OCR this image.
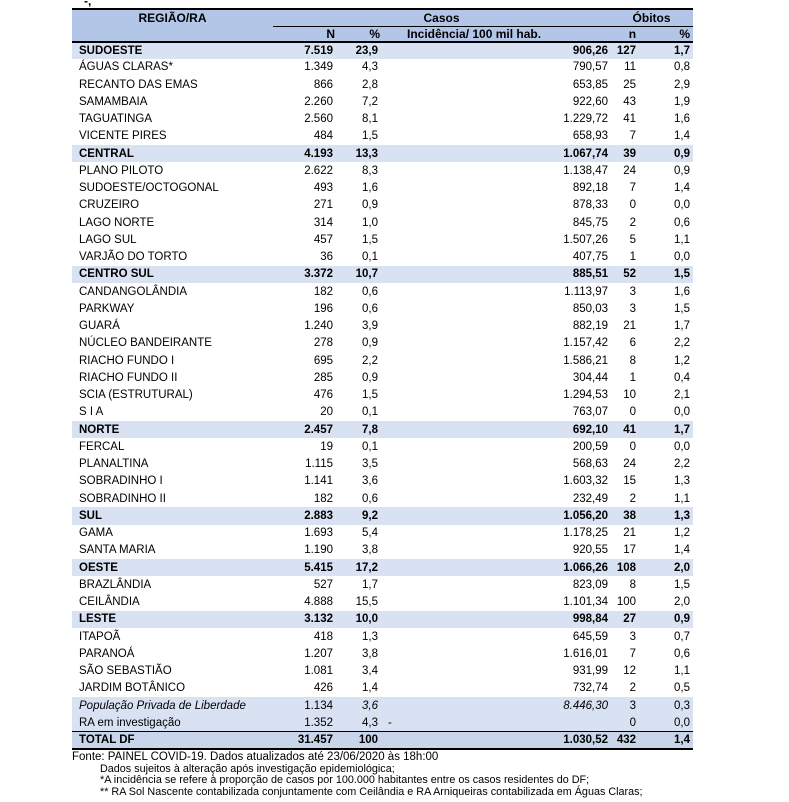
-,
REGIÃO/RA	Casos			Óbitos	
	N	%	Incidência/ 100 mil hab.	n	%
SUDOESTE	7.519	23,9	906,26	127	1,7
ÁGUAS CLARAS*	1.349	4,3	790,57	11	0,8
RECANTO DAS EMAS	866	2,8	653,85	25	2,9
SAMAMBAIA	2.260	7,2	922,60	43	1,9
TAGUATINGA	2.560	8,1	1.229,72	41	1,6
VICENTE PIRES	484	1,5	658,93	7	1,4
CENTRAL	4.193	13,3	1.067,74	39	0,9
PLANO PILOTO	2.622	8,3	1.138,47	24	0,9
SUDOESTE/OCTOGONAL	493	1,6	892,18	7	1,4
CRUZEIRO	271	0,9	878,33	0	0,0
LAGO NORTE	314	1,0	845,75	2	0,6
LAGO SUL	457	1,5	1.507,26	5	1,1
VARJÃO DO TORTO	36	0,1	407,75	1	0,0
CENTRO SUL	3.372	10,7	885,51	52	1,5
CANDANGOLÂNDIA	182	0,6	1.113,97	3	1,6
PARKWAY	196	0,6	850,03	3	1,5
GUARÁ	1.240	3,9	882,19	21	1,7
NÚCLEO BANDEIRANTE	278	0,9	1.157,42	6	2,2
RIACHO FUNDO I	695	2,2	1.586,21	8	1,2
RIACHO FUNDO II	285	0,9	304,44	1	0,4
SCIA (ESTRUTURAL)	476	1,5	1.294,53	10	2,1
S I A	20	0,1	763,07	0	0,0
NORTE	2.457	7,8	692,10	41	1,7
FERCAL	19	0,1	200,59	0	0,0
PLANALTINA	1.115	3,5	568,63	24	2,2
SOBRADINHO I	1.141	3,6	1.603,32	15	1,3
SOBRADINHO II	182	0,6	232,49	2	1,1
SUL	2.883	9,2	1.056,20	38	1,3
GAMA	1.693	5,4	1.178,25	21	1,2
SANTA MARIA	1.190	3,8	920,55	17	1,4
OESTE	5.415	17,2	1.066,26	108	2,0
BRAZLÂNDIA	527	1,7	823,09	8	1,5
CEILÂNDIA	4.888	15,5	1.101,34	100	2,0
LESTE	3.132	10,0	998,84	27	0,9
ITAPOÃ	418	1,3	645,59	3	0,7
PARANOÁ	1.207	3,8	1.616,01	7	0,6
SÃO SEBASTIÃO	1.081	3,4	931,99	12	1,1
JARDIM BOTÂNICO	426	1,4	732,74	2	0,5
População Privada de Liberdade	1.134	3,6	8.446,30	3	0,3
RA em investigação	1.352	4,3	-	0	0,0
TOTAL DF	31.457	100	1.030,52	432	1,4
Fonte: PAINEL COVID-19. Dados atualizados até 23/06/2020 às 18h:00
Dados sujeitos à alteração após investigação epidemiológica;
*A incidência se refere à proporção de casos por 100.000 habitantes entre os casos residentes do DF;
** RA Sol Nascente contabilizada conjuntamente com Ceilândia e RA Arniqueiras contabilizada em Águas Claras;
